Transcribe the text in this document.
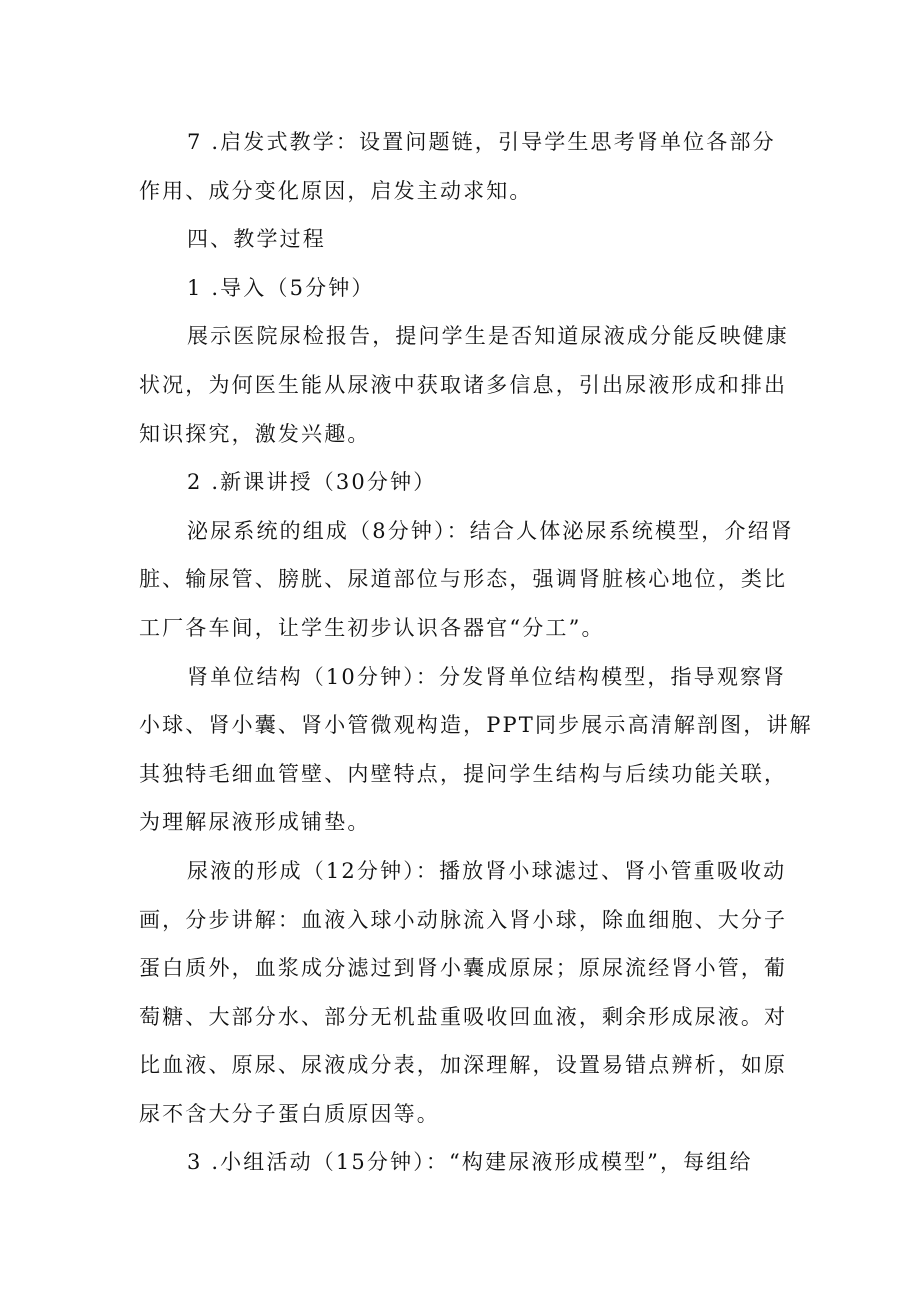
7 .启发式教学：设置问题链，引导学生思考肾单位各部分
作用、成分变化原因，启发主动求知。
四、教学过程
1 .导入（5分钟）
展示医院尿检报告，提问学生是否知道尿液成分能反映健康
状况，为何医生能从尿液中获取诸多信息，引出尿液形成和排出
知识探究，激发兴趣。
2 .新课讲授（30分钟）
泌尿系统的组成（8分钟）：结合人体泌尿系统模型，介绍肾
脏、输尿管、膀胱、尿道部位与形态，强调肾脏核心地位，类比
工厂各车间，让学生初步认识各器官“分工”。
肾单位结构（10分钟）：分发肾单位结构模型，指导观察肾
小球、肾小囊、肾小管微观构造，PPT同步展示高清解剖图，讲解
其独特毛细血管壁、内壁特点，提问学生结构与后续功能关联，
为理解尿液形成铺垫。
尿液的形成（12分钟）：播放肾小球滤过、肾小管重吸收动
画，分步讲解：血液入球小动脉流入肾小球，除血细胞、大分子
蛋白质外，血浆成分滤过到肾小囊成原尿；原尿流经肾小管，葡
萄糖、大部分水、部分无机盐重吸收回血液，剩余形成尿液。对
比血液、原尿、尿液成分表，加深理解，设置易错点辨析，如原
尿不含大分子蛋白质原因等。
3 .小组活动（15分钟）：“构建尿液形成模型”，每组给
